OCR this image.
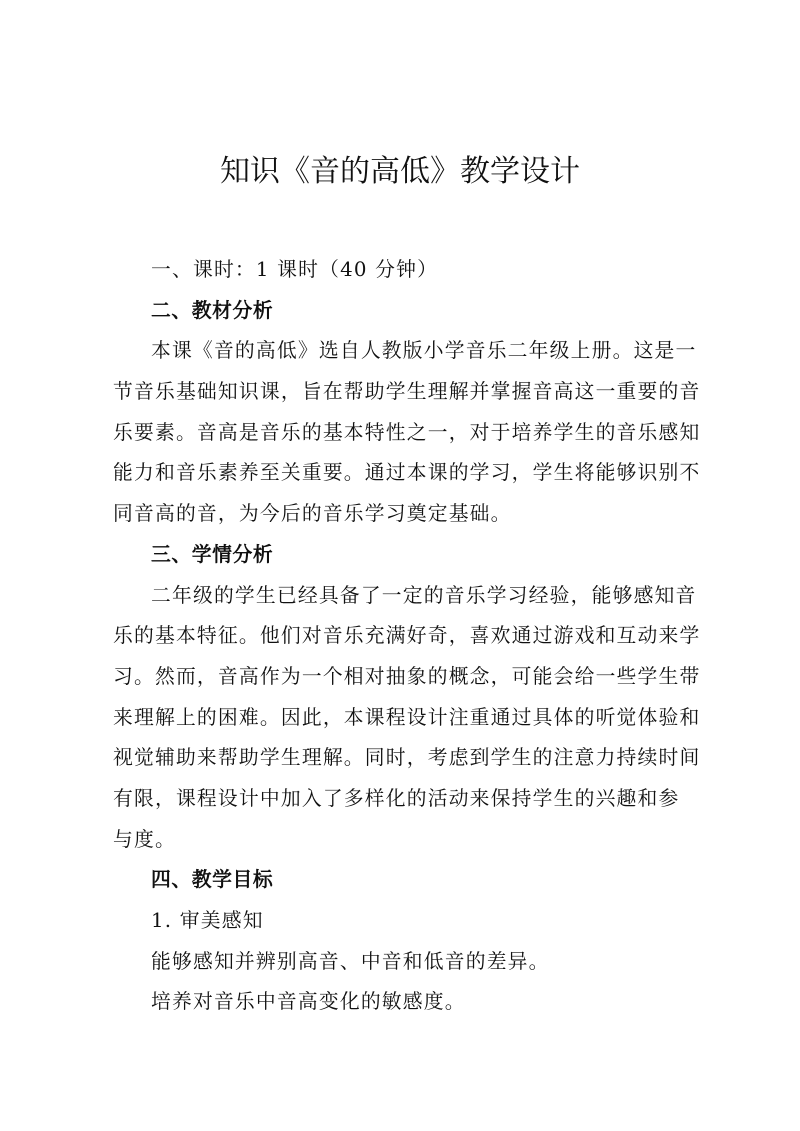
知识《音的高低》教学设计

一、课时：1 课时（40 分钟）

二、教材分析

本课《音的高低》选自人教版小学音乐二年级上册。这是一

节音乐基础知识课，旨在帮助学生理解并掌握音高这一重要的音

乐要素。音高是音乐的基本特性之一，对于培养学生的音乐感知

能力和音乐素养至关重要。通过本课的学习，学生将能够识别不

同音高的音，为今后的音乐学习奠定基础。

三、学情分析

二年级的学生已经具备了一定的音乐学习经验，能够感知音

乐的基本特征。他们对音乐充满好奇，喜欢通过游戏和互动来学

习。然而，音高作为一个相对抽象的概念，可能会给一些学生带

来理解上的困难。因此，本课程设计注重通过具体的听觉体验和

视觉辅助来帮助学生理解。同时，考虑到学生的注意力持续时间

有限，课程设计中加入了多样化的活动来保持学生的兴趣和参

与度。

四、教学目标

1. 审美感知

能够感知并辨别高音、中音和低音的差异。

培养对音乐中音高变化的敏感度。
